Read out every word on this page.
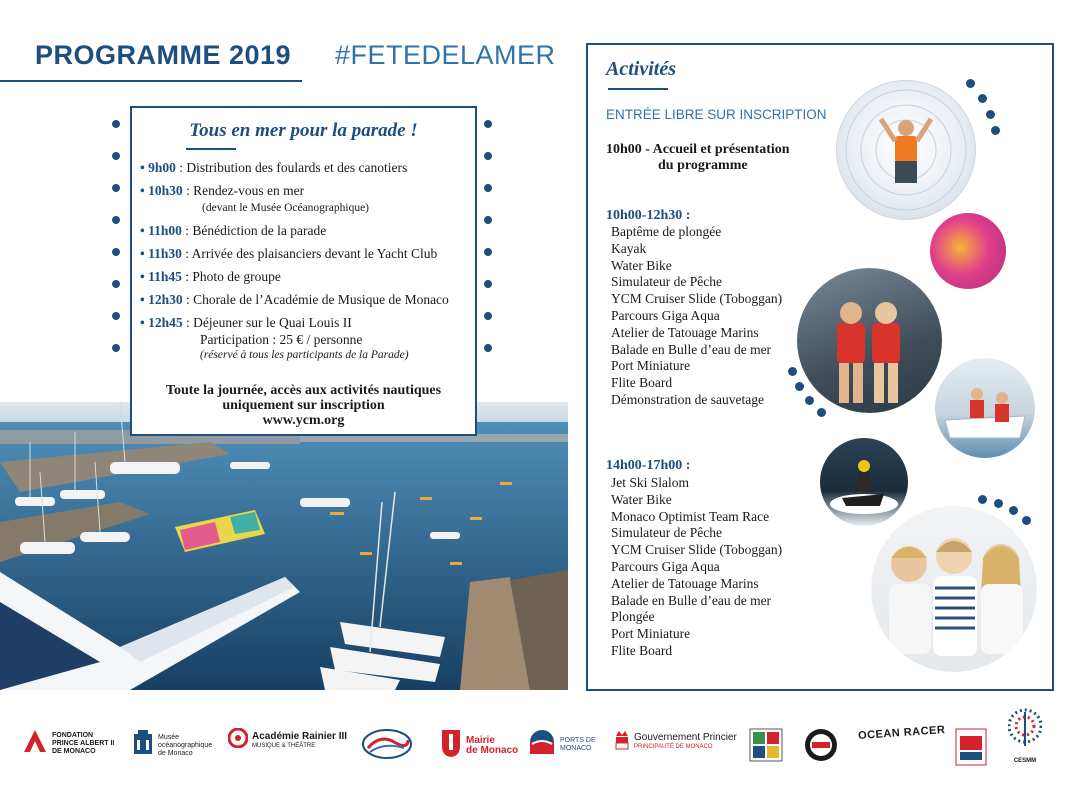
PROGRAMME 2019 #FETEDELAMER
Tous en mer pour la parade !
• 9h00 : Distribution des foulards et des canotiers
• 10h30 : Rendez-vous en mer
(devant le Musée Océanographique)
• 11h00 : Bénédiction de la parade
• 11h30 : Arrivée des plaisanciers devant le Yacht Club
• 11h45 : Photo de groupe
• 12h30 : Chorale de l’Académie de Musique de Monaco
• 12h45 : Déjeuner sur le Quai Louis II
Participation : 25 € / personne
(réservé à tous les participants de la Parade)
Toute la journée, accès aux activités nautiques
uniquement sur inscription
www.ycm.org
Activités
ENTRÉE LIBRE SUR INSCRIPTION
10h00 - Accueil et présentation
du programme
10h00-12h30 :
Baptême de plongée
Kayak
Water Bike
Simulateur de Pêche
YCM Cruiser Slide (Toboggan)
Parcours Giga Aqua
Atelier de Tatouage Marins
Balade en Bulle d’eau de mer
Port Miniature
Flite Board
Démonstration de sauvetage
14h00-17h00 :
Jet Ski Slalom
Water Bike
Monaco Optimist Team Race
Simulateur de Pêche
YCM Cruiser Slide (Toboggan)
Parcours Giga Aqua
Atelier de Tatouage Marins
Balade en Bulle d’eau de mer
Plongée
Port Miniature
Flite Board
FONDATION
PRINCE ALBERT II
DE MONACO
Musée
océanographique
de Monaco
Académie Rainier III
MUSIQUE & THÉÂTRE	Mairie
de Monaco
PORTS DE
MONACO
Gouvernement Princier
PRINCIPAUTÉ DE MONACO
OCEAN RACER
CESMM
